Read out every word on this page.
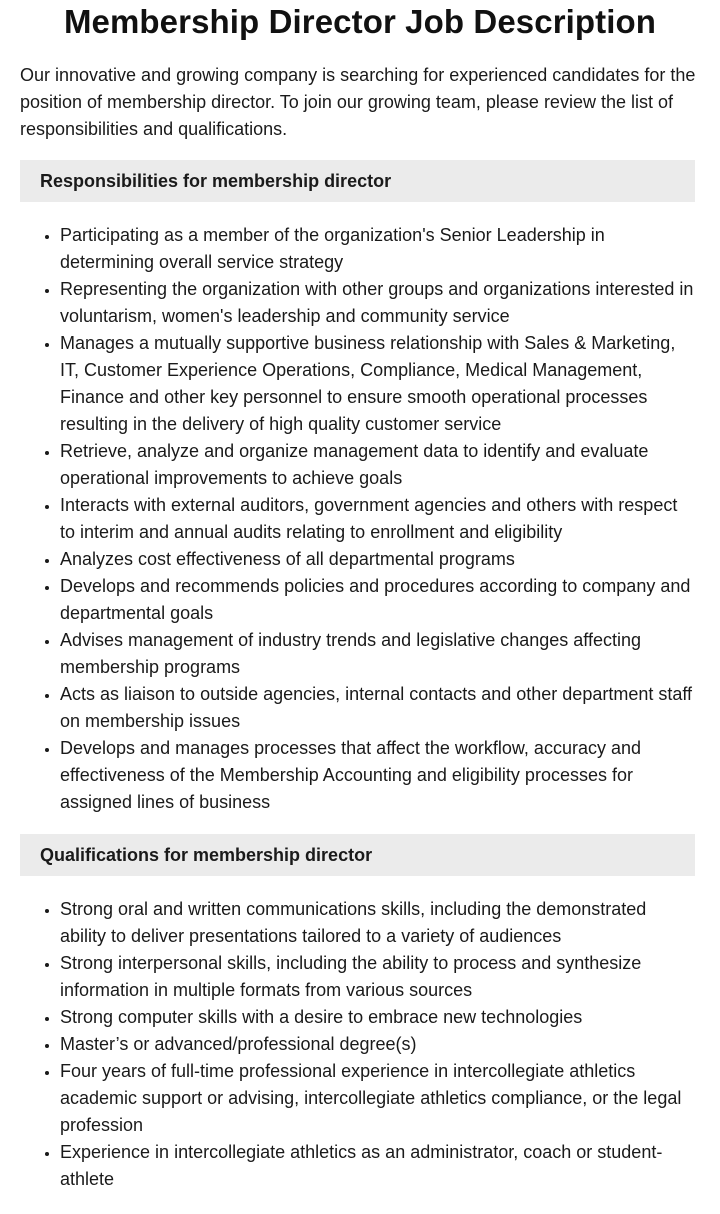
Membership Director Job Description

Our innovative and growing company is searching for experienced candidates for the position of membership director. To join our growing team, please review the list of responsibilities and qualifications.

Responsibilities for membership director
• Participating as a member of the organization's Senior Leadership in determining overall service strategy
• Representing the organization with other groups and organizations interested in voluntarism, women's leadership and community service
• Manages a mutually supportive business relationship with Sales & Marketing, IT, Customer Experience Operations, Compliance, Medical Management, Finance and other key personnel to ensure smooth operational processes resulting in the delivery of high quality customer service
• Retrieve, analyze and organize management data to identify and evaluate operational improvements to achieve goals
• Interacts with external auditors, government agencies and others with respect to interim and annual audits relating to enrollment and eligibility
• Analyzes cost effectiveness of all departmental programs
• Develops and recommends policies and procedures according to company and departmental goals
• Advises management of industry trends and legislative changes affecting membership programs
• Acts as liaison to outside agencies, internal contacts and other department staff on membership issues
• Develops and manages processes that affect the workflow, accuracy and effectiveness of the Membership Accounting and eligibility processes for assigned lines of business
Qualifications for membership director
• Strong oral and written communications skills, including the demonstrated ability to deliver presentations tailored to a variety of audiences
• Strong interpersonal skills, including the ability to process and synthesize information in multiple formats from various sources
• Strong computer skills with a desire to embrace new technologies
• Master’s or advanced/professional degree(s)
• Four years of full-time professional experience in intercollegiate athletics academic support or advising, intercollegiate athletics compliance, or the legal profession
• Experience in intercollegiate athletics as an administrator, coach or student-athlete
